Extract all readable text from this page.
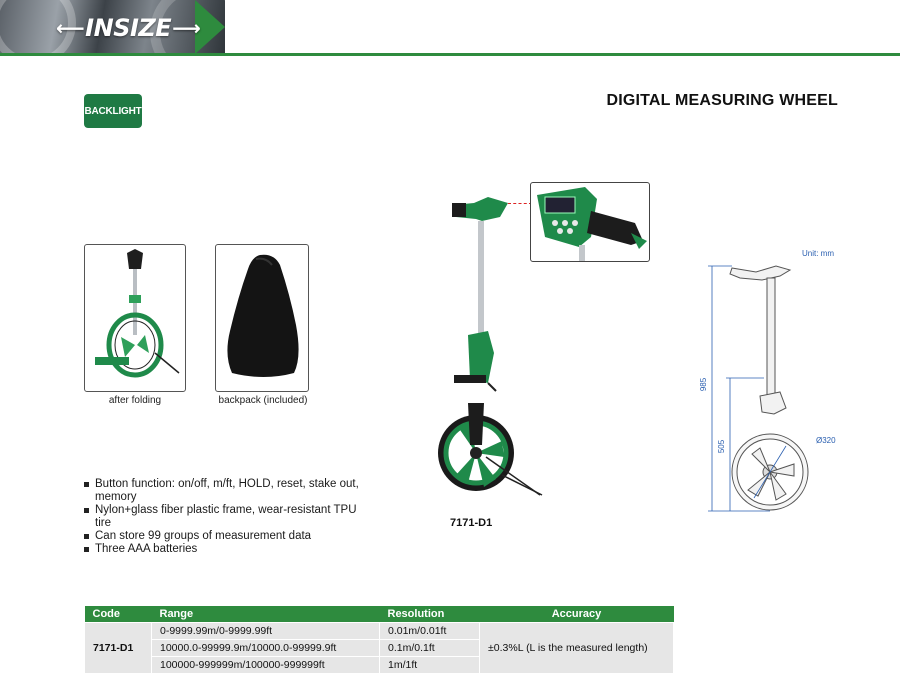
⟵ INSIZE ⟶
BACKLIGHT
DIGITAL MEASURING WHEEL
after folding	backpack (included)
Button function: on/off, m/ft, HOLD, reset, stake out, memory
Nylon+glass fiber plastic frame, wear-resistant TPU tire
Can store 99 groups of measurement data
Three AAA batteries
7171-D1
Unit: mm
985
505	Ø320
Code	Range	Resolution	Accuracy
7171-D1	0-9999.99m/0-9999.99ft	0.01m/0.01ft	±0.3%L (L is the measured length)
	10000.0-99999.9m/10000.0-99999.9ft	0.1m/0.1ft	
	100000-999999m/100000-999999ft	1m/1ft	
